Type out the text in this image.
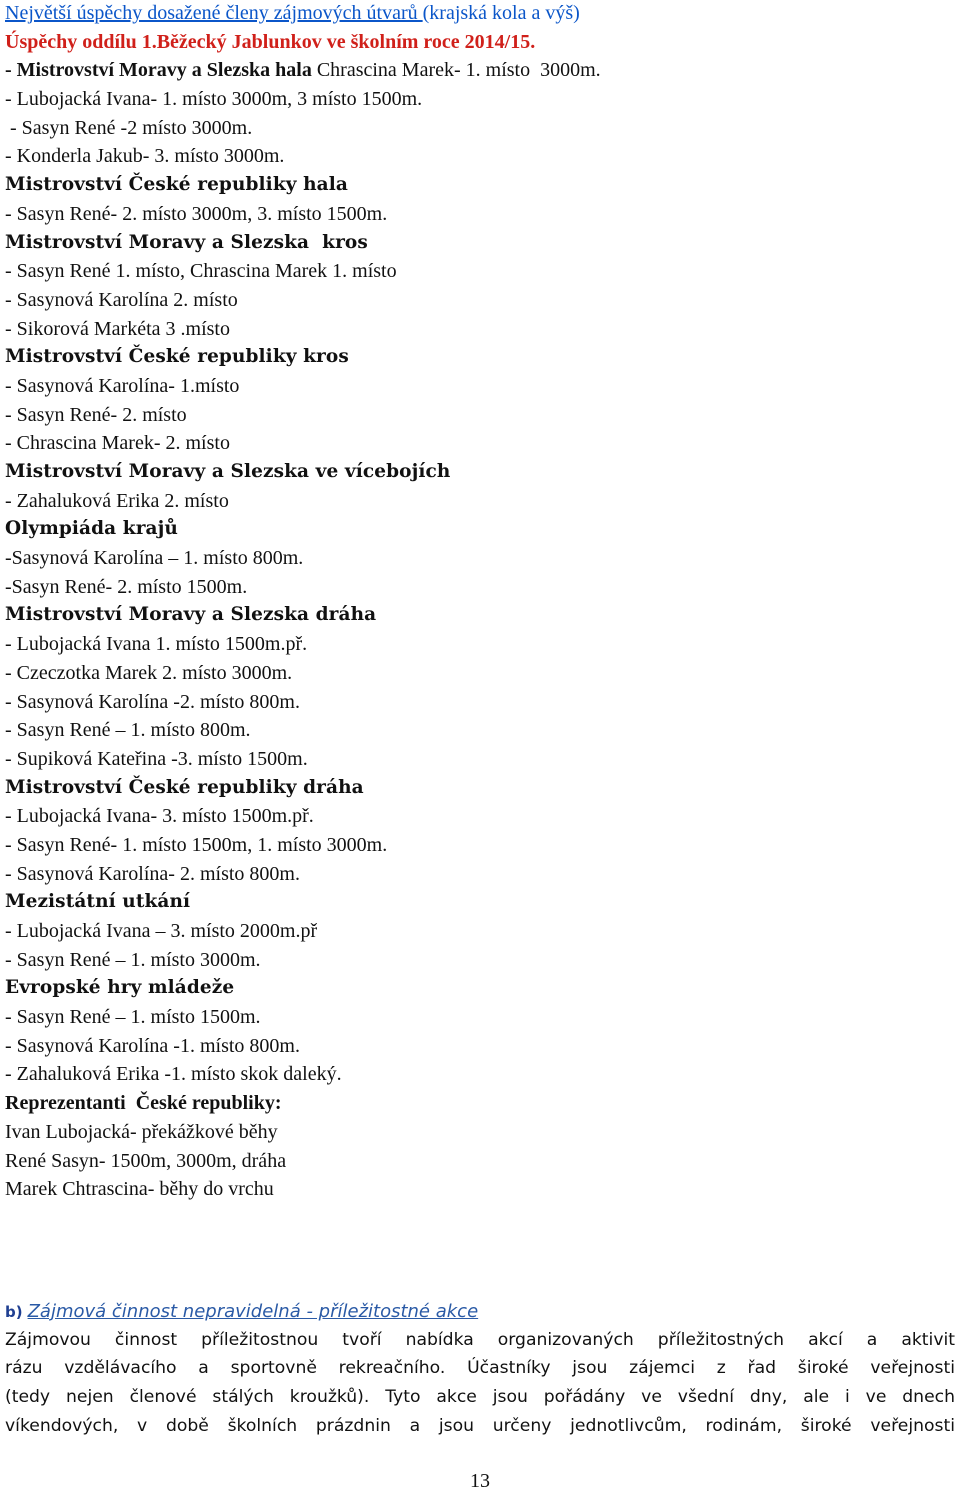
Největší úspěchy dosažené členy zájmových útvarů (krajská kola a výš)
Úspěchy oddílu 1.Běžecký Jablunkov ve školním roce 2014/15.
- Mistrovství Moravy a Slezska hala Chrascina Marek- 1. místo  3000m.
- Lubojacká Ivana- 1. místo 3000m, 3 místo 1500m.
- Sasyn René -2 místo 3000m.
- Konderla Jakub- 3. místo 3000m.
Mistrovství České republiky hala
- Sasyn René- 2. místo 3000m, 3. místo 1500m.
Mistrovství Moravy a Slezska  kros
- Sasyn René 1. místo, Chrascina Marek 1. místo
- Sasynová Karolína 2. místo
- Sikorová Markéta 3 .místo
Mistrovství České republiky kros
- Sasynová Karolína- 1.místo
- Sasyn René- 2. místo
- Chrascina Marek- 2. místo
Mistrovství Moravy a Slezska ve vícebojích
- Zahaluková Erika 2. místo
Olympiáda krajů
-Sasynová Karolína – 1. místo 800m.
-Sasyn René- 2. místo 1500m.
Mistrovství Moravy a Slezska dráha
- Lubojacká Ivana 1. místo 1500m.př.
- Czeczotka Marek 2. místo 3000m.
- Sasynová Karolína -2. místo 800m.
- Sasyn René – 1. místo 800m.
- Supiková Kateřina -3. místo 1500m.
Mistrovství České republiky dráha
- Lubojacká Ivana- 3. místo 1500m.př.
- Sasyn René- 1. místo 1500m, 1. místo 3000m.
- Sasynová Karolína- 2. místo 800m.
Mezistátní utkání
- Lubojacká Ivana – 3. místo 2000m.př
- Sasyn René – 1. místo 3000m.
Evropské hry mládeže
- Sasyn René – 1. místo 1500m.
- Sasynová Karolína -1. místo 800m.
- Zahaluková Erika -1. místo skok daleký.
Reprezentanti  České republiky:
Ivan Lubojacká- překážkové běhy
René Sasyn- 1500m, 3000m, dráha
Marek Chtrascina- běhy do vrchu
b) Zájmová činnost nepravidelná - příležitostné akce
Zájmovou činnost příležitostnou tvoří nabídka organizovaných příležitostných akcí a aktivit
rázu vzdělávacího a sportovně rekreačního. Účastníky jsou zájemci z řad široké veřejnosti
(tedy nejen členové stálých kroužků). Tyto akce jsou pořádány ve všední dny, ale i ve dnech
víkendových, v době školních prázdnin a jsou určeny jednotlivcům, rodinám, široké veřejnosti
13
